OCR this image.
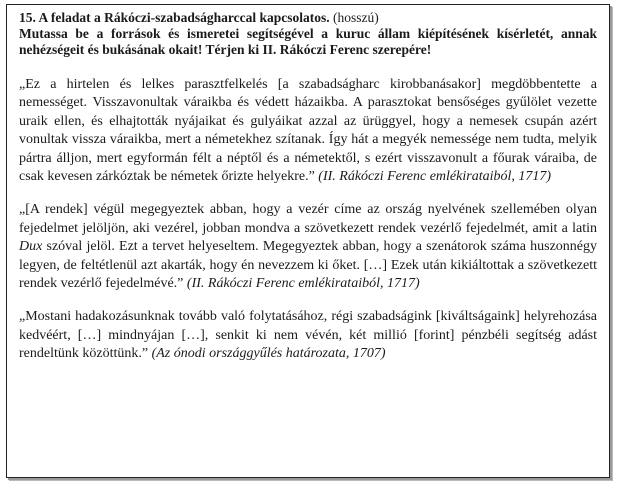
15. A feladat a Rákóczi-szabadságharccal kapcsolatos. (hosszú)

Mutassa be a források és ismeretei segítségével a kuruc állam kiépítésének kísérletét, annak nehézségeit és bukásának okait! Térjen ki II. Rákóczi Ferenc szerepére!

„Ez a hirtelen és lelkes parasztfelkelés [a szabadságharc kirobbanásakor] megdöbbentette a nemességet. Visszavonultak váraikba és védett házaikba. A parasztokat bensőséges gyűlölet vezette uraik ellen, és elhajtották nyájaikat és gulyáikat azzal az ürüggyel, hogy a nemesek csupán azért vonultak vissza váraikba, mert a németekhez szítanak. Így hát a megyék nemessége nem tudta, melyik pártra álljon, mert egyformán félt a néptől és a németektől, s ezért visszavonult a főurak váraiba, de csak kevesen zárkóztak be németek őrizte helyekre.” (II. Rákóczi Ferenc emlékirataiból, 1717)

„[A rendek] végül megegyeztek abban, hogy a vezér címe az ország nyelvének szellemében olyan fejedelmet jelöljön, aki vezérel, jobban mondva a szövetkezett rendek vezérlő fejedelmét, amit a latin Dux szóval jelöl. Ezt a tervet helyeseltem. Megegyeztek abban, hogy a szenátorok száma huszonnégy legyen, de feltétlenül azt akarták, hogy én nevezzem ki őket. […] Ezek után kikiáltottak a szövetkezett rendek vezérlő fejedelmévé.” (II. Rákóczi Ferenc emlékirataiból, 1717)

„Mostani hadakozásunknak tovább való folytatásához, régi szabadságink [kiváltságaink] helyrehozása kedvéért, […] mindnyájan […], senkit ki nem vévén, két millió [forint] pénzbéli segítség adást rendeltünk közöttünk.” (Az ónodi országgyűlés határozata, 1707)
